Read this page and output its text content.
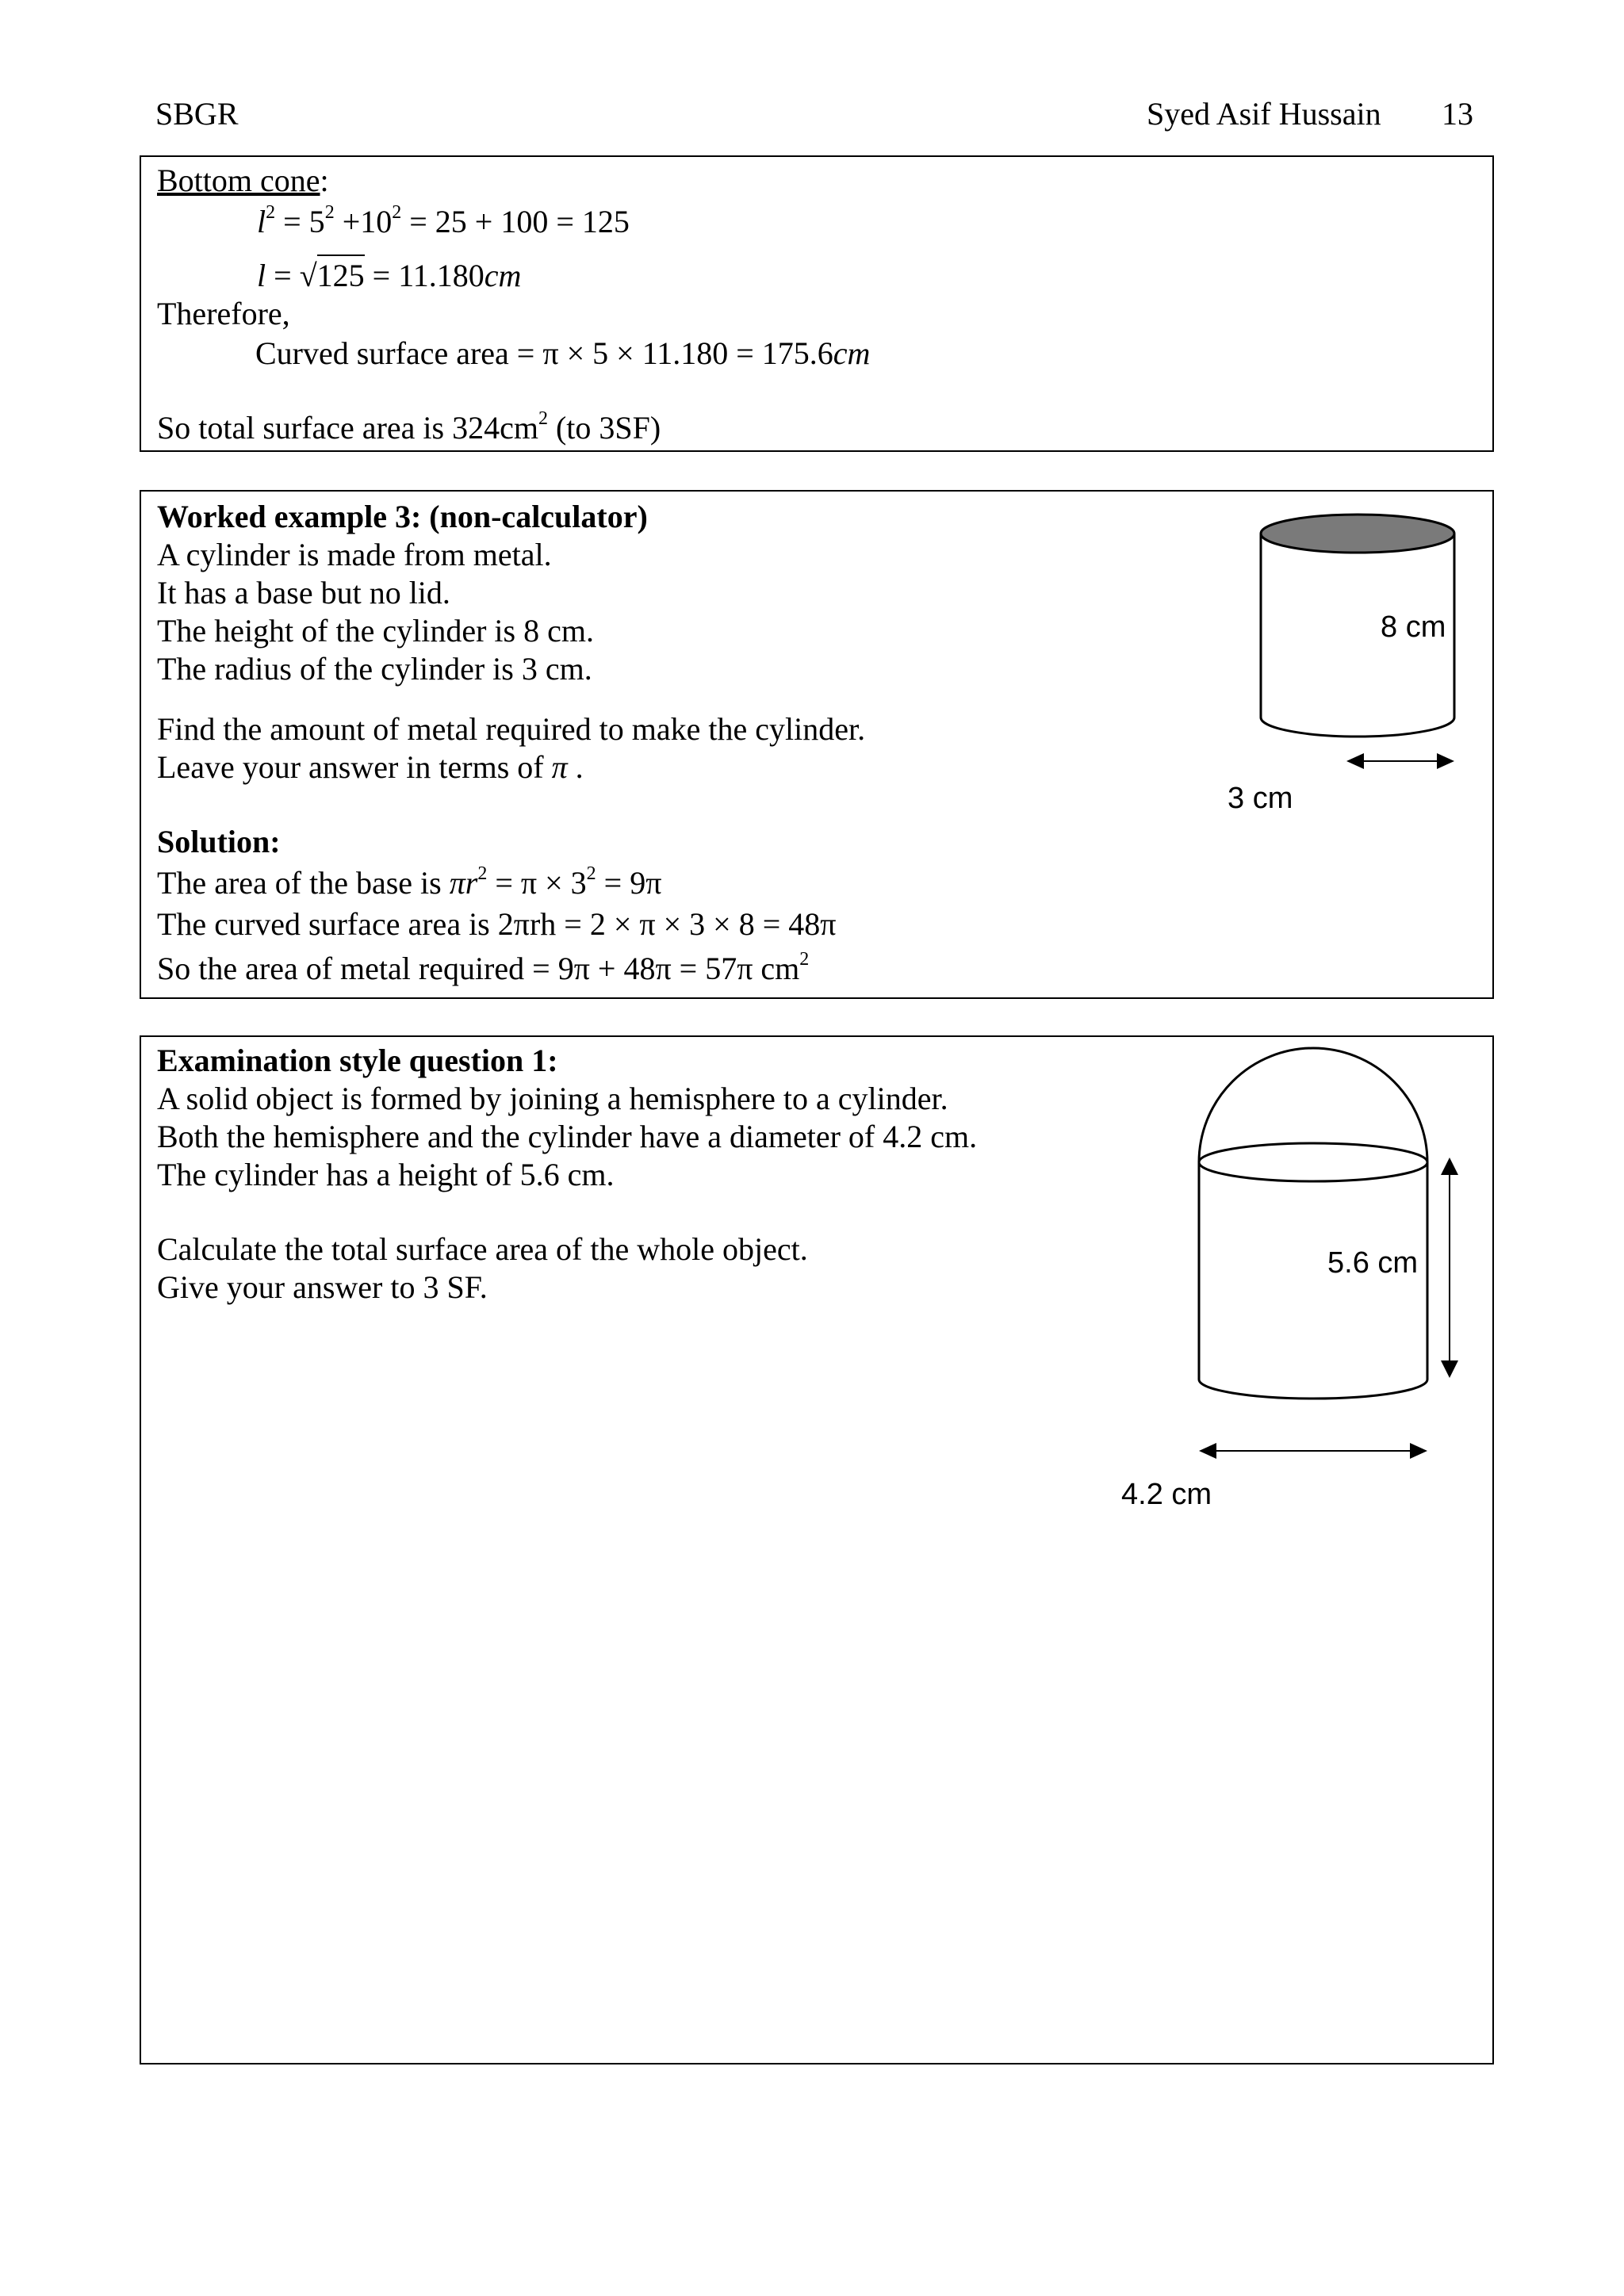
SBGR	Syed Asif Hussain 13
Bottom cone:
$l^2 = 5^2 +10^2 = 25 + 100 = 125$
l = √125 = 11.180cm
Therefore,
Curved surface area = π × 5 × 11.180 = 175.6cm
So total surface area is $324cm^2$ (to 3SF)
Worked example 3: (non-calculator)
A cylinder is made from metal.
It has a base but no lid.
The height of the cylinder is 8 cm.
The radius of the cylinder is 3 cm.
Find the amount of metal required to make the cylinder.
Leave your answer in terms of π .
Solution:
The area of the base is $\pi r^2 = \pi \times 3^2 = 9\pi$
The curved surface area is 2πrh = 2 × π × 3 × 8 = 48π
So the area of metal required = 9π + 48π = 57π $cm^2$
8 cm
3 cm
Examination style question 1:
A solid object is formed by joining a hemisphere to a cylinder.
Both the hemisphere and the cylinder have a diameter of 4.2 cm.
The cylinder has a height of 5.6 cm.
Calculate the total surface area of the whole object.
Give your answer to 3 SF.
5.6 cm
4.2 cm
